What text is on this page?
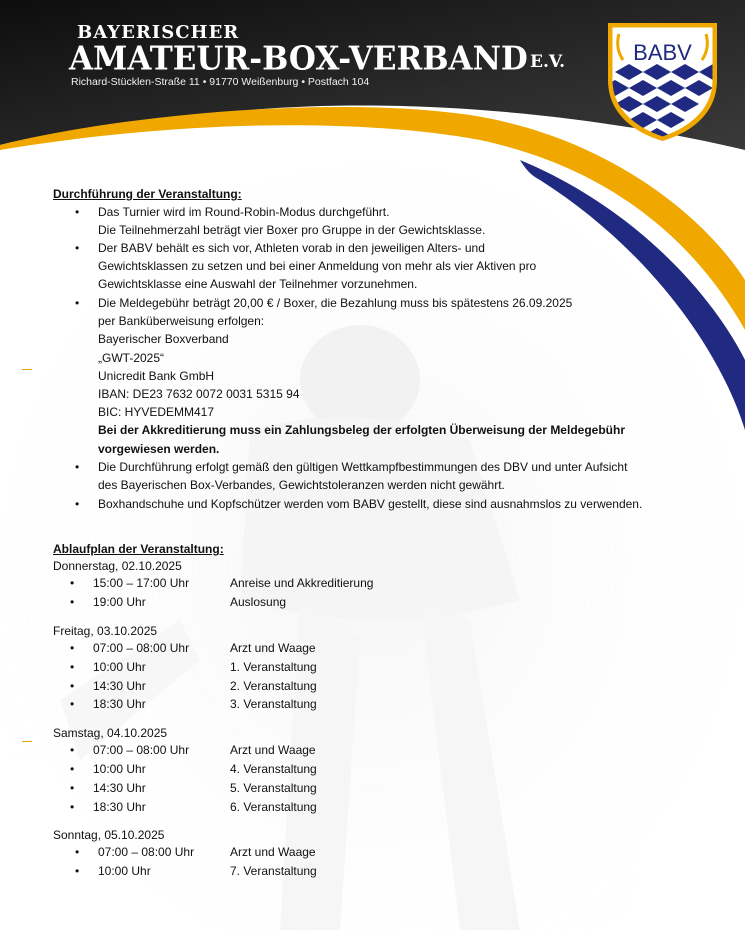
BAYERISCHER
AMATEUR-BOX-VERBAND E.V.
Richard-Stücklen-Straße 11 • 91770 Weißenburg • Postfach 104
BABV
Durchführung der Veranstaltung:
•	Das Turnier wird im Round-Robin-Modus durchgeführt.
Die Teilnehmerzahl beträgt vier Boxer pro Gruppe in der Gewichtsklasse.
•	Der BABV behält es sich vor, Athleten vorab in den jeweiligen Alters- und
Gewichtsklassen zu setzen und bei einer Anmeldung von mehr als vier Aktiven pro
Gewichtsklasse eine Auswahl der Teilnehmer vorzunehmen.
•	Die Meldegebühr beträgt 20,00 € / Boxer, die Bezahlung muss bis spätestens 26.09.2025
per Banküberweisung erfolgen:
Bayerischer Boxverband
„GWT-2025“
Unicredit Bank GmbH
IBAN: DE23 7632 0072 0031 5315 94
BIC: HYVEDEMM417
Bei der Akkreditierung muss ein Zahlungsbeleg der erfolgten Überweisung der Meldegebühr
vorgewiesen werden.
•	Die Durchführung erfolgt gemäß den gültigen Wettkampfbestimmungen des DBV und unter Aufsicht
des Bayerischen Box-Verbandes, Gewichtstoleranzen werden nicht gewährt.
•	Boxhandschuhe und Kopfschützer werden vom BABV gestellt, diese sind ausnahmslos zu verwenden.
Ablaufplan der Veranstaltung:
Donnerstag, 02.10.2025
• 15:00 – 17:00 Uhr	Anreise und Akkreditierung
• 19:00 Uhr	Auslosung
Freitag, 03.10.2025
• 07:00 – 08:00 Uhr	Arzt und Waage
• 10:00 Uhr	1. Veranstaltung
• 14:30 Uhr	2. Veranstaltung
• 18:30 Uhr	3. Veranstaltung
Samstag, 04.10.2025
• 07:00 – 08:00 Uhr	Arzt und Waage
• 10:00 Uhr	4. Veranstaltung
• 14:30 Uhr	5. Veranstaltung
• 18:30 Uhr	6. Veranstaltung
Sonntag, 05.10.2025
• 07:00 – 08:00 Uhr	Arzt und Waage
• 10:00 Uhr	7. Veranstaltung
